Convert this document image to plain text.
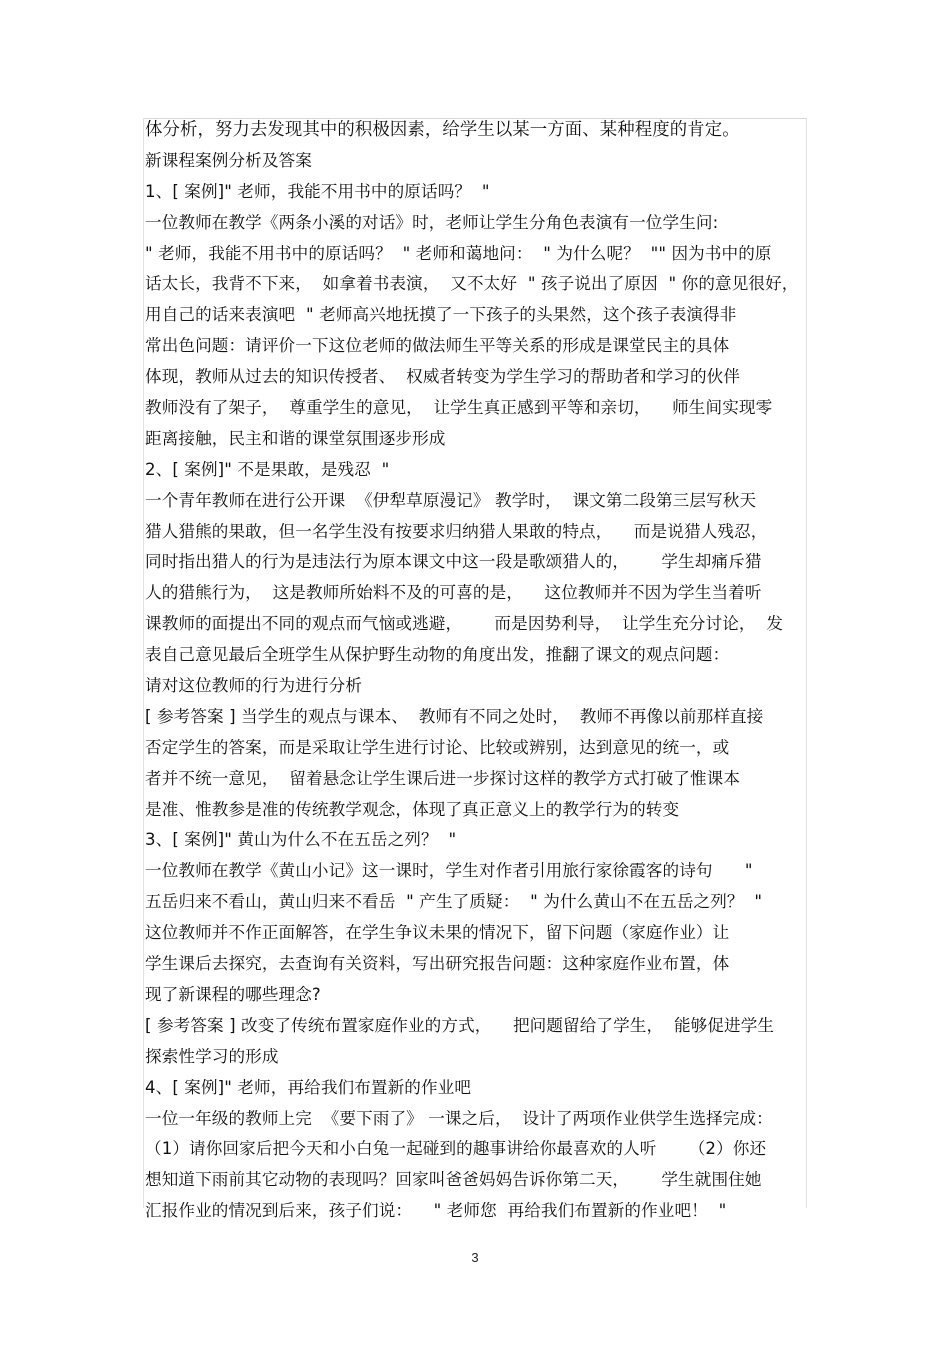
体分析，努力去发现其中的积极因素，给学生以某一方面、某种程度的肯定。
新课程案例分析及答案
1、[ 案例]" 老师，我能不用书中的原话吗？  "
一位教师在教学《两条小溪的对话》时，老师让学生分角色表演有一位学生问:
" 老师，我能不用书中的原话吗？  " 老师和蔼地问：  " 为什么呢？  "" 因为书中的原
话太长，我背不下来，  如拿着书表演，  又不太好  " 孩子说出了原因  " 你的意见很好，
用自己的话来表演吧  " 老师高兴地抚摸了一下孩子的头果然，这个孩子表演得非
常出色问题：请评价一下这位老师的做法师生平等关系的形成是课堂民主的具体
体现，教师从过去的知识传授者、  权威者转变为学生学习的帮助者和学习的伙伴
教师没有了架子，  尊重学生的意见，  让学生真正感到平等和亲切，    师生间实现零
距离接触，民主和谐的课堂氛围逐步形成
2、[ 案例]" 不是果敢，是残忍  "
一个青年教师在进行公开课  《伊犁草原漫记》 教学时，  课文第二段第三层写秋天
猎人猎熊的果敢，但一名学生没有按要求归纳猎人果敢的特点，    而是说猎人残忍，
同时指出猎人的行为是违法行为原本课文中这一段是歌颂猎人的，      学生却痛斥猎
人的猎熊行为，  这是教师所始料不及的可喜的是，    这位教师并不因为学生当着听
课教师的面提出不同的观点而气恼或逃避，      而是因势利导，  让学生充分讨论，  发
表自己意见最后全班学生从保护野生动物的角度出发，推翻了课文的观点问题：
请对这位教师的行为进行分析
[ 参考答案 ] 当学生的观点与课本、  教师有不同之处时，  教师不再像以前那样直接
否定学生的答案，而是采取让学生进行讨论、比较或辨别，达到意见的统一，或
者并不统一意见，  留着悬念让学生课后进一步探讨这样的教学方式打破了惟课本
是准、惟教参是准的传统教学观念，体现了真正意义上的教学行为的转变
3、[ 案例]" 黄山为什么不在五岳之列？  "
一位教师在教学《黄山小记》这一课时，学生对作者引用旅行家徐霞客的诗句      "
五岳归来不看山，黄山归来不看岳  " 产生了质疑：  " 为什么黄山不在五岳之列？  "
这位教师并不作正面解答，在学生争议未果的情况下，留下问题（家庭作业）让
学生课后去探究，去查询有关资料，写出研究报告问题：这种家庭作业布置，体
现了新课程的哪些理念?
[ 参考答案 ] 改变了传统布置家庭作业的方式，    把问题留给了学生，  能够促进学生
探索性学习的形成
4、[ 案例]" 老师，再给我们布置新的作业吧
一位一年级的教师上完  《要下雨了》 一课之后，  设计了两项作业供学生选择完成：
（1）请你回家后把今天和小白兔一起碰到的趣事讲给你最喜欢的人听      （2）你还
想知道下雨前其它动物的表现吗？回家叫爸爸妈妈告诉你第二天，      学生就围住她
汇报作业的情况到后来，孩子们说：    " 老师您  再给我们布置新的作业吧！  "
3
